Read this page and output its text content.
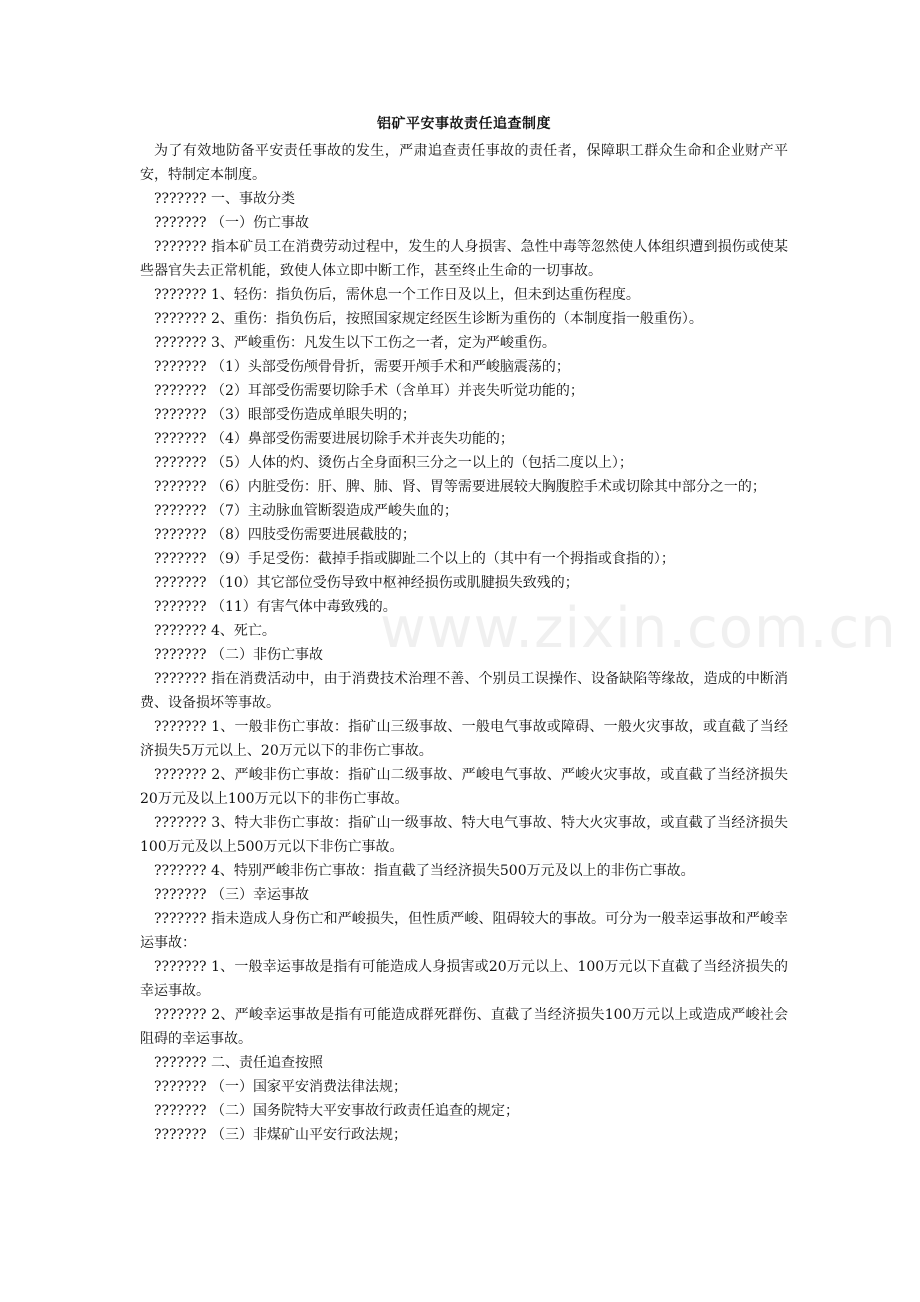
www.zixin.com.cn
铝矿平安事故责任追查制度

为了有效地防备平安责任事故的发生，严肃追查责任事故的责任者，保障职工群众生命和企业财产平安，特制定本制度。

??????? 一、事故分类

??????? （一）伤亡事故

??????? 指本矿员工在消费劳动过程中，发生的人身损害、急性中毒等忽然使人体组织遭到损伤或使某些器官失去正常机能，致使人体立即中断工作，甚至终止生命的一切事故。

??????? 1、轻伤：指负伤后，需休息一个工作日及以上，但未到达重伤程度。

??????? 2、重伤：指负伤后，按照国家规定经医生诊断为重伤的（本制度指一般重伤）。

??????? 3、严峻重伤：凡发生以下工伤之一者，定为严峻重伤。

??????? （1）头部受伤颅骨骨折，需要开颅手术和严峻脑震荡的；

??????? （2）耳部受伤需要切除手术（含单耳）并丧失听觉功能的；

??????? （3）眼部受伤造成单眼失明的；

??????? （4）鼻部受伤需要进展切除手术并丧失功能的；

??????? （5）人体的灼、烫伤占全身面积三分之一以上的（包括二度以上）；

??????? （6）内脏受伤：肝、脾、肺、肾、胃等需要进展较大胸腹腔手术或切除其中部分之一的；

??????? （7）主动脉血管断裂造成严峻失血的；

??????? （8）四肢受伤需要进展截肢的；

??????? （9）手足受伤：截掉手指或脚趾二个以上的（其中有一个拇指或食指的）；

??????? （10）其它部位受伤导致中枢神经损伤或肌腱损失致残的；

??????? （11）有害气体中毒致残的。

??????? 4、死亡。

??????? （二）非伤亡事故

??????? 指在消费活动中，由于消费技术治理不善、个别员工误操作、设备缺陷等缘故，造成的中断消费、设备损坏等事故。

??????? 1、一般非伤亡事故：指矿山三级事故、一般电气事故或障碍、一般火灾事故，或直截了当经济损失5万元以上、20万元以下的非伤亡事故。

??????? 2、严峻非伤亡事故：指矿山二级事故、严峻电气事故、严峻火灾事故，或直截了当经济损失20万元及以上100万元以下的非伤亡事故。

??????? 3、特大非伤亡事故：指矿山一级事故、特大电气事故、特大火灾事故，或直截了当经济损失100万元及以上500万元以下非伤亡事故。

??????? 4、特别严峻非伤亡事故：指直截了当经济损失500万元及以上的非伤亡事故。

??????? （三）幸运事故

??????? 指未造成人身伤亡和严峻损失，但性质严峻、阻碍较大的事故。可分为一般幸运事故和严峻幸运事故：

??????? 1、一般幸运事故是指有可能造成人身损害或20万元以上、100万元以下直截了当经济损失的幸运事故。

??????? 2、严峻幸运事故是指有可能造成群死群伤、直截了当经济损失100万元以上或造成严峻社会阻碍的幸运事故。

??????? 二、责任追查按照

??????? （一）国家平安消费法律法规；

??????? （二）国务院特大平安事故行政责任追查的规定；

??????? （三）非煤矿山平安行政法规；
